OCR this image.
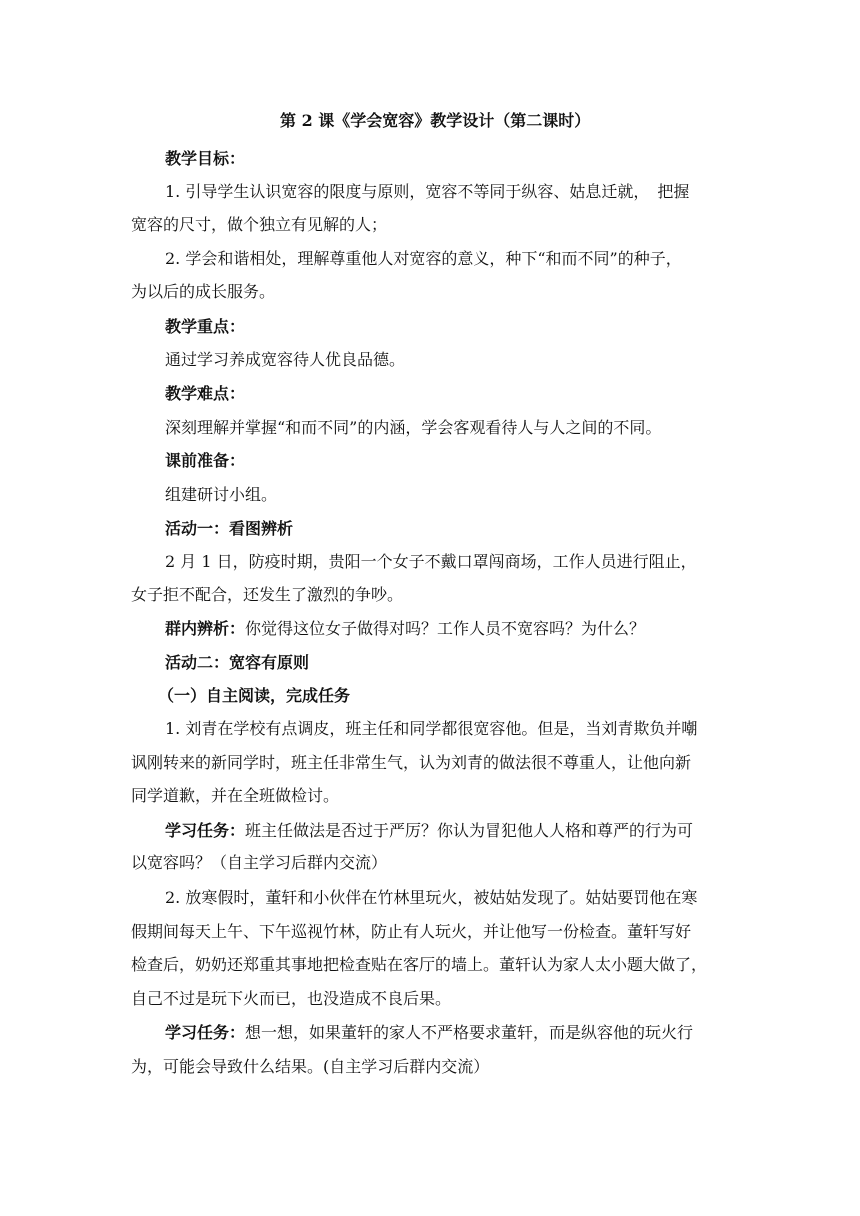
第 2 课《学会宽容》教学设计（第二课时）
教学目标：
1. 引导学生认识宽容的限度与原则，宽容不等同于纵容、姑息迁就，　把握
宽容的尺寸，做个独立有见解的人；
2. 学会和谐相处，理解尊重他人对宽容的意义，种下“和而不同”的种子，
为以后的成长服务。
教学重点：
通过学习养成宽容待人优良品德。
教学难点：
深刻理解并掌握“和而不同”的内涵，学会客观看待人与人之间的不同。
课前准备：
组建研讨小组。
活动一：看图辨析
2 月 1 日，防疫时期，贵阳一个女子不戴口罩闯商场，工作人员进行阻止，
女子拒不配合，还发生了激烈的争吵。
群内辨析：你觉得这位女子做得对吗？工作人员不宽容吗？为什么？
活动二：宽容有原则
（一）自主阅读，完成任务
1. 刘青在学校有点调皮，班主任和同学都很宽容他。但是，当刘青欺负并嘲
讽刚转来的新同学时，班主任非常生气，认为刘青的做法很不尊重人，让他向新
同学道歉，并在全班做检讨。
学习任务：班主任做法是否过于严厉？你认为冒犯他人人格和尊严的行为可
以宽容吗？（自主学习后群内交流）
2. 放寒假时，董轩和小伙伴在竹林里玩火，被姑姑发现了。姑姑要罚他在寒
假期间每天上午、下午巡视竹林，防止有人玩火，并让他写一份检查。董轩写好
检查后，奶奶还郑重其事地把检查贴在客厅的墙上。董轩认为家人太小题大做了，
自己不过是玩下火而已，也没造成不良后果。
学习任务：想一想，如果董轩的家人不严格要求董轩，而是纵容他的玩火行
为，可能会导致什么结果。(自主学习后群内交流）
